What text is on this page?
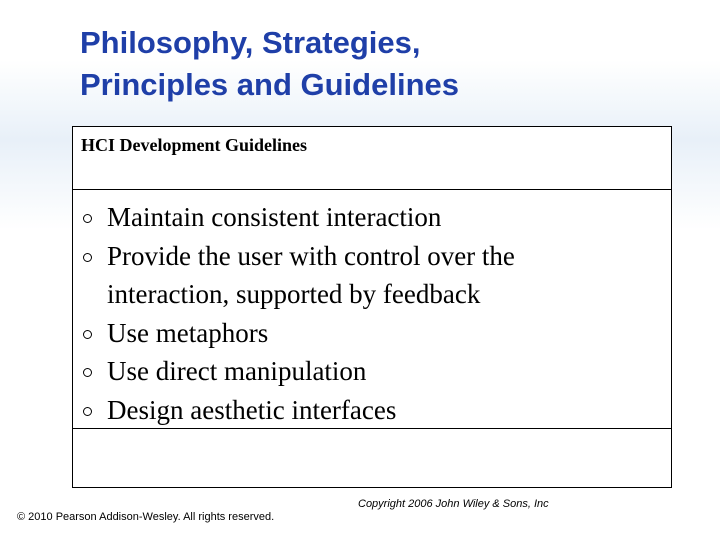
Philosophy, Strategies,
Principles and Guidelines
HCI Development Guidelines
Maintain consistent interaction
Provide the user with control over the
interaction, supported by feedback
Use metaphors
Use direct manipulation
Design aesthetic interfaces
© 2010 Pearson Addison-Wesley. All rights reserved.
Copyright 2006 John Wiley & Sons, Inc
